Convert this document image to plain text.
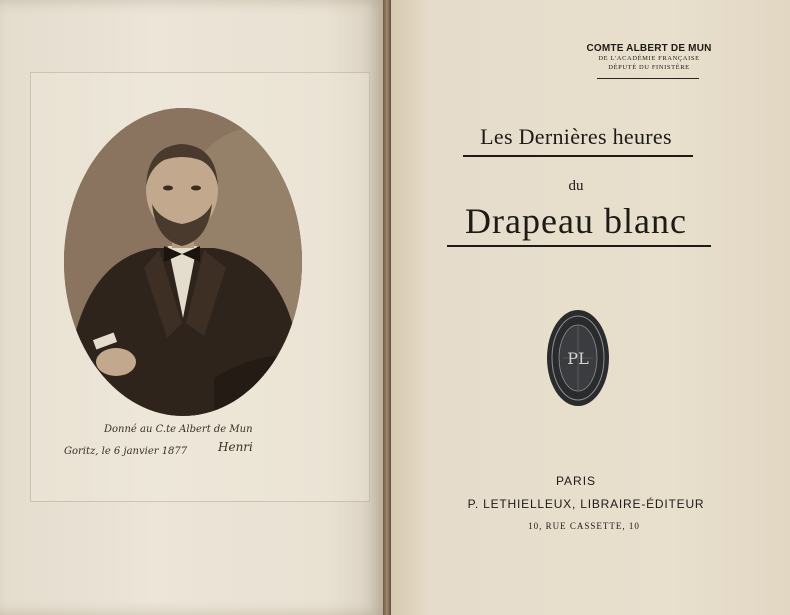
Donné au C.te Albert de Mun
Goritz, le 6 janvier 1877	Henri
COMTE ALBERT DE MUN
DE L'ACADÉMIE FRANÇAISE
DÉPUTÉ DU FINISTÈRE
Les Dernières heures
du
Drapeau blanc
PL
PARIS
P. LETHIELLEUX, LIBRAIRE-ÉDITEUR
10, RUE CASSETTE, 10
